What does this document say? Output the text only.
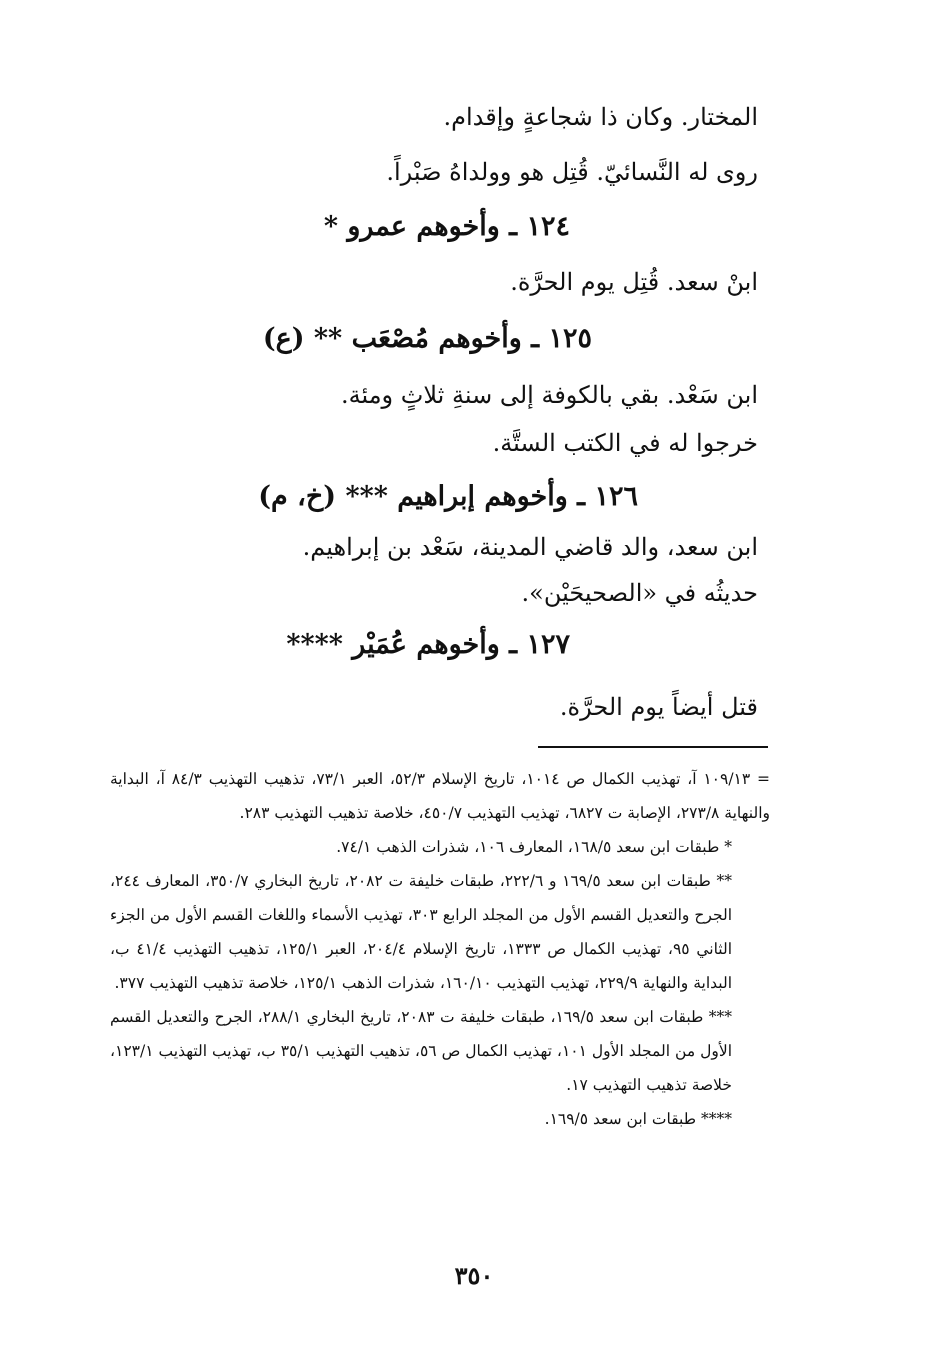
المختار. وكان ذا شجاعةٍ وإقدام.
روى له النَّسائيّ. قُتِل هو وولداهُ صَبْراً.
١٢٤ ـ وأخوهم عمرو *
ابنْ سعد. قُتِل يوم الحرَّة.
١٢٥ ـ وأخوهم مُصْعَب ** (ع)
ابن سَعْد. بقي بالكوفة إلى سنةِ ثلاثٍ ومئة.
خرجوا له في الكتب الستَّة.
١٢٦ ـ وأخوهم إبراهيم *** (خ، م)
ابن سعد، والد قاضي المدينة، سَعْد بن إبراهيم.
حديثُه في «الصحيحَيْن».
١٢٧ ـ وأخوهم عُمَيْر ****
قتل أيضاً يوم الحرَّة.

= ١٠٩/١٣ آ، تهذيب الكمال ص ١٠١٤، تاريخ الإسلام ٥٢/٣، العبر ٧٣/١، تذهيب التهذيب ٨٤/٣ آ، البداية والنهاية ٢٧٣/٨، الإصابة ت ٦٨٢٧، تهذيب التهذيب ٤٥٠/٧، خلاصة تذهيب التهذيب ٢٨٣.

* طبقات ابن سعد ١٦٨/٥، المعارف ١٠٦، شذرات الذهب ٧٤/١.

** طبقات ابن سعد ١٦٩/٥ و ٢٢٢/٦، طبقات خليفة ت ٢٠٨٢، تاريخ البخاري ٣٥٠/٧، المعارف ٢٤٤، الجرح والتعديل القسم الأول من المجلد الرابع ٣٠٣، تهذيب الأسماء واللغات القسم الأول من الجزء الثاني ٩٥، تهذيب الكمال ص ١٣٣٣، تاريخ الإسلام ٢٠٤/٤، العبر ١٢٥/١، تذهيب التهذيب ٤١/٤ ب، البداية والنهاية ٢٢٩/٩، تهذيب التهذيب ١٦٠/١٠، شذرات الذهب ١٢٥/١، خلاصة تذهيب التهذيب ٣٧٧.

*** طبقات ابن سعد ١٦٩/٥، طبقات خليفة ت ٢٠٨٣، تاريخ البخاري ٢٨٨/١، الجرح والتعديل القسم الأول من المجلد الأول ١٠١، تهذيب الكمال ص ٥٦، تذهيب التهذيب ٣٥/١ ب، تهذيب التهذيب ١٢٣/١، خلاصة تذهيب التهذيب ١٧.

**** طبقات ابن سعد ١٦٩/٥.

٣٥٠
